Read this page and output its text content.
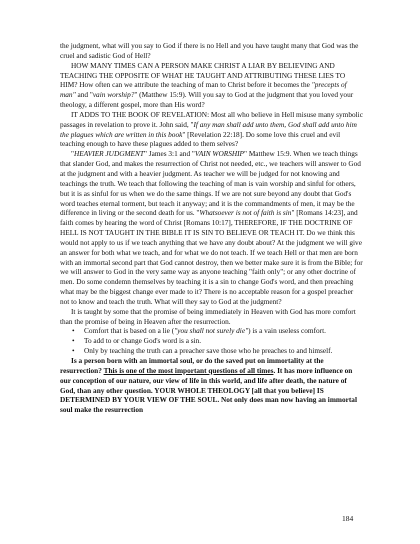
the judgment, what will you say to God if there is no Hell and you have taught many that God was the cruel and sadistic God of Hell?

HOW MANY TIMES CAN A PERSON MAKE CHRIST A LIAR BY BELIEVING AND TEACHING THE OPPOSITE OF WHAT HE TAUGHT AND ATTRIBUTING THESE LIES TO HIM? How often can we attribute the teaching of man to Christ before it becomes the "precepts of man" and "vain worship?" (Matthew 15:9). Will you say to God at the judgment that you loved your theology, a different gospel, more than His word?

IT ADDS TO THE BOOK OF REVELATION: Most all who believe in Hell misuse many symbolic passages in revelation to prove it. John said, "If any man shall add unto them, God shall add unto him the plagues which are written in this book" [Revelation 22:18]. Do some love this cruel and evil teaching enough to have these plagues added to them selves?

"HEAVIER JUDGMENT" James 3:1 and "VAIN WORSHIP" Matthew 15:9. When we teach things that slander God, and makes the resurrection of Christ not needed, etc., we teachers will answer to God at the judgment and with a heavier judgment. As teacher we will be judged for not knowing and teachings the truth. We teach that following the teaching of man is vain worship and sinful for others, but it is as sinful for us when we do the same things. If we are not sure beyond any doubt that God's word teaches eternal torment, but teach it anyway; and it is the commandments of men, it may be the difference in living or the second death for us. "Whatsoever is not of faith is sin" [Romans 14:23], and faith comes by hearing the word of Christ [Romans 10:17], THEREFORE, IF THE DOCTRINE OF HELL IS NOT TAUGHT IN THE BIBLE IT IS SIN TO BELIEVE OR TEACH IT. Do we think this would not apply to us if we teach anything that we have any doubt about? At the judgment we will give an answer for both what we teach, and for what we do not teach. If we teach Hell or that men are born with an immortal second part that God cannot destroy, then we better make sure it is from the Bible; for we will answer to God in the very same way as anyone teaching "faith only"; or any other doctrine of men. Do some condemn themselves by teaching it is a sin to change God's word, and then preaching what may be the biggest change ever made to it? There is no acceptable reason for a gospel preacher not to know and teach the truth. What will they say to God at the judgment?

It is taught by some that the promise of being immediately in Heaven with God has more comfort than the promise of being in Heaven after the resurrection.

• Comfort that is based on a lie ("you shall not surely die") is a vain useless comfort.
• To add to or change God's word is a sin.
• Only by teaching the truth can a preacher save those who he preaches to and himself.

Is a person born with an immortal soul, or do the saved put on immortality at the resurrection? This is one of the most important questions of all times. It has more influence on our conception of our nature, our view of life in this world, and life after death, the nature of God, than any other question. YOUR WHOLE THEOLOGY [all that you believe] IS DETERMINED BY YOUR VIEW OF THE SOUL. Not only does man now having an immortal soul make the resurrection

184
